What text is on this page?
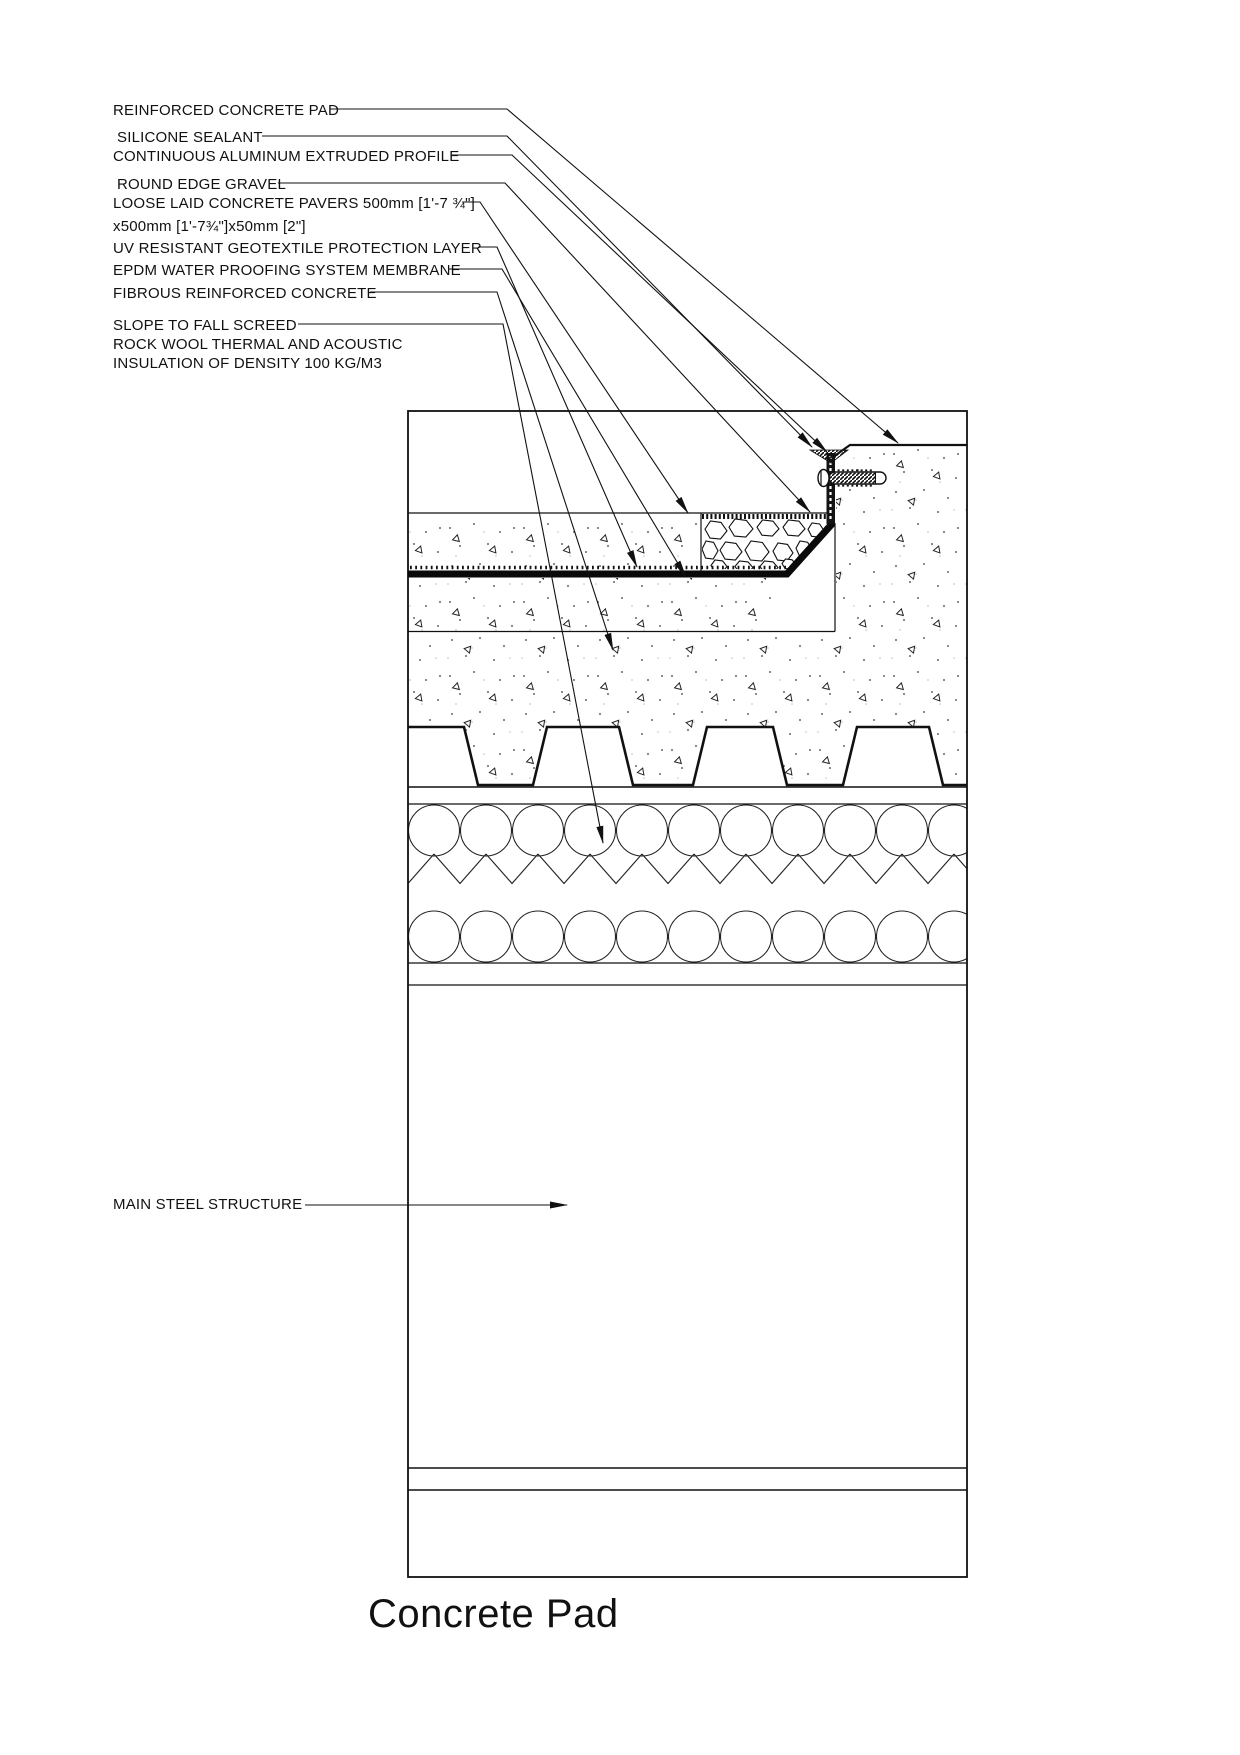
REINFORCED CONCRETE PAD
SILICONE SEALANT
CONTINUOUS ALUMINUM EXTRUDED PROFILE
ROUND EDGE GRAVEL
LOOSE LAID CONCRETE PAVERS 500mm [1'-7 ¾"]
x500mm [1'-7¾"]x50mm [2"]
UV RESISTANT GEOTEXTILE PROTECTION LAYER
EPDM WATER PROOFING SYSTEM MEMBRANE
FIBROUS REINFORCED CONCRETE
SLOPE TO FALL SCREED
ROCK WOOL THERMAL AND ACOUSTIC
INSULATION OF DENSITY 100 KG/M3
MAIN STEEL STRUCTURE
Concrete Pad
